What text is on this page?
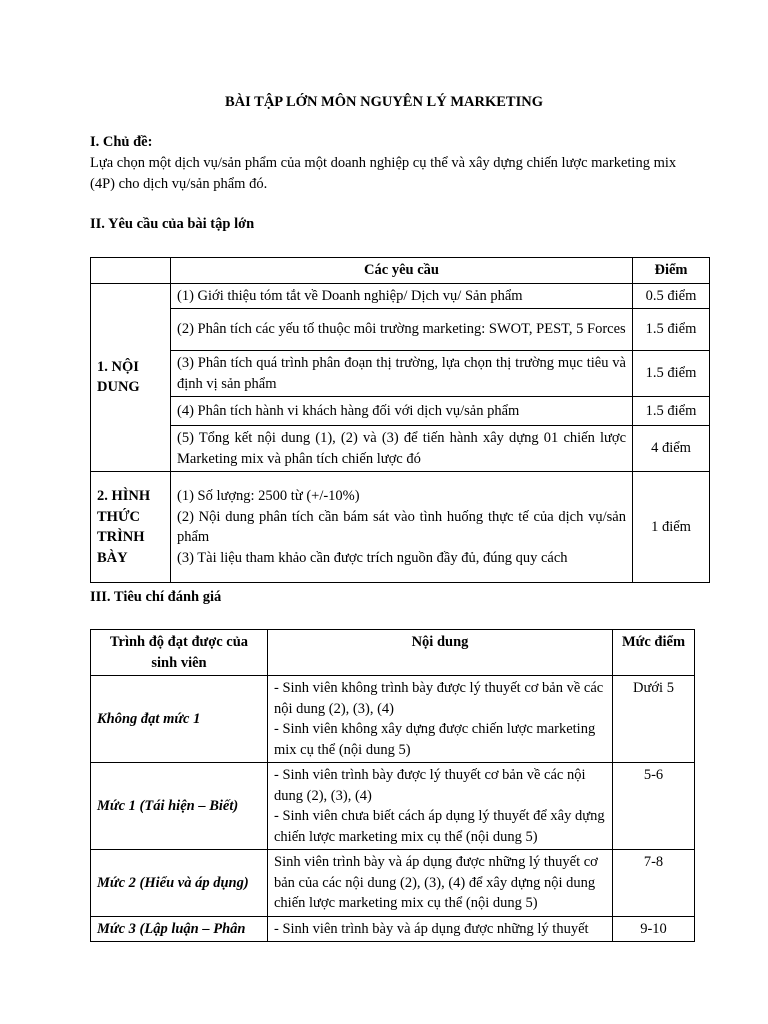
BÀI TẬP LỚN MÔN NGUYÊN LÝ MARKETING
I. Chủ đề:
Lựa chọn một dịch vụ/sản phẩm của một doanh nghiệp cụ thể và xây dựng chiến lược marketing mix (4P) cho dịch vụ/sản phẩm đó.
II. Yêu cầu của bài tập lớn
	Các yêu cầu	Điểm
1. NỘI DUNG	(1) Giới thiệu tóm tắt về Doanh nghiệp/ Dịch vụ/ Sản phẩm	0.5 điểm
	(2) Phân tích các yếu tố thuộc môi trường marketing: SWOT, PEST, 5 Forces	1.5 điểm
	(3) Phân tích quá trình phân đoạn thị trường, lựa chọn thị trường mục tiêu và định vị sản phẩm	1.5 điểm
	(4) Phân tích hành vi khách hàng đối với dịch vụ/sản phẩm	1.5 điểm
	(5) Tổng kết nội dung (1), (2) và (3) để tiến hành xây dựng 01 chiến lược Marketing mix và phân tích chiến lược đó	4 điểm
2. HÌNH THỨC TRÌNH BÀY	(1) Số lượng: 2500 từ (+/-10%)
(2) Nội dung phân tích cần bám sát vào tình huống thực tế của dịch vụ/sản phẩm
(3) Tài liệu tham khảo cần được trích nguồn đầy đủ, đúng quy cách	1 điểm
III. Tiêu chí đánh giá
Trình độ đạt được của sinh viên	Nội dung	Mức điểm
Không đạt mức 1	- Sinh viên không trình bày được lý thuyết cơ bản về các nội dung (2), (3), (4)
- Sinh viên không xây dựng được chiến lược marketing mix cụ thể (nội dung 5)	Dưới 5
Mức 1 (Tái hiện – Biết)	- Sinh viên trình bày được lý thuyết cơ bản về các nội dung (2), (3), (4)
- Sinh viên chưa biết cách áp dụng lý thuyết để xây dựng chiến lược marketing mix cụ thể (nội dung 5)	5-6
Mức 2 (Hiểu và áp dụng)	Sinh viên trình bày và áp dụng được những lý thuyết cơ bản của các nội dung (2), (3), (4) để xây dựng nội dung chiến lược marketing mix cụ thể (nội dung 5)	7-8
Mức 3 (Lập luận – Phân	- Sinh viên trình bày và áp dụng được những lý thuyết	9-10
